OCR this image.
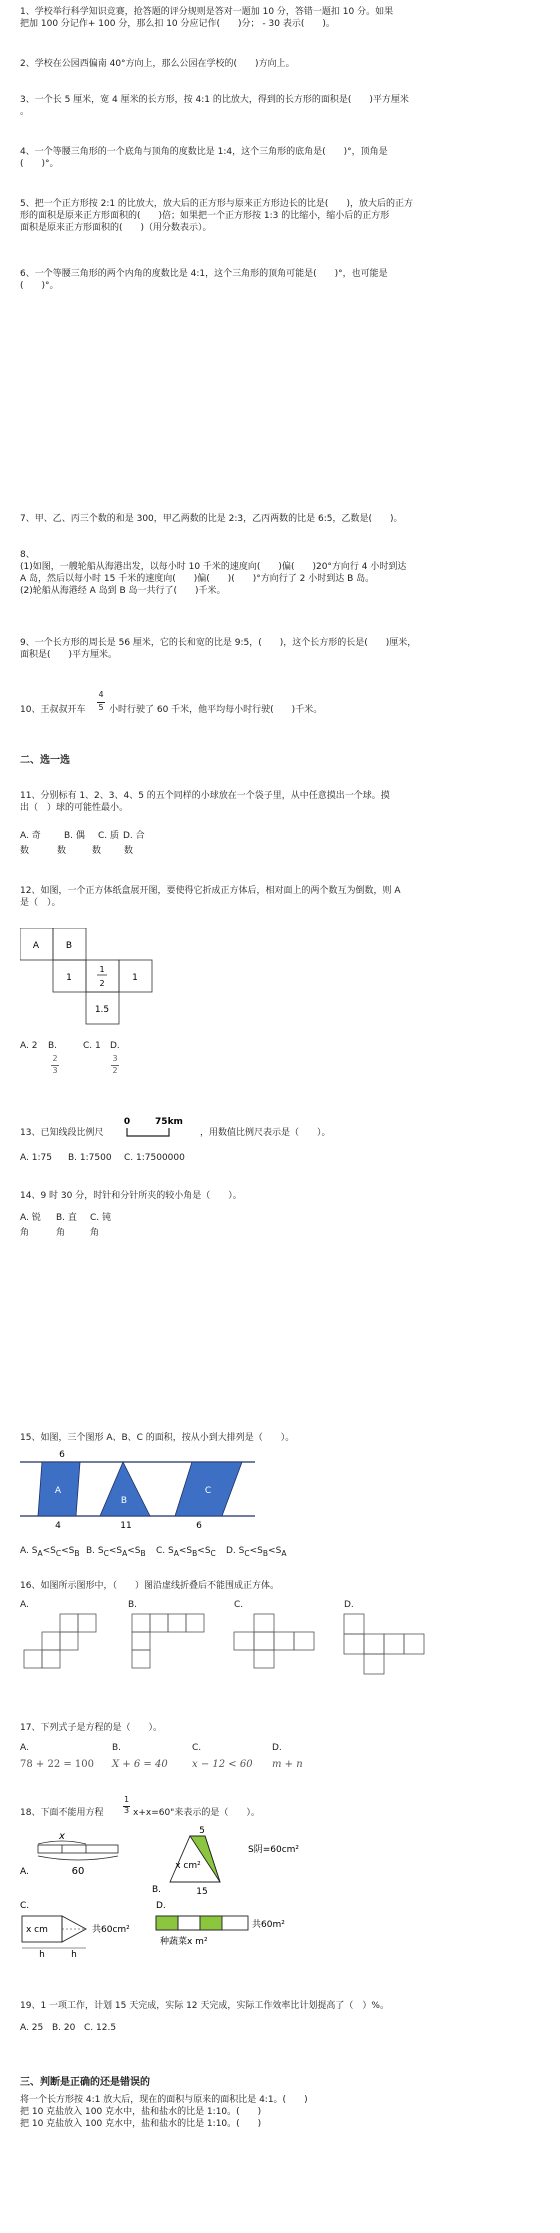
1、学校举行科学知识竞赛，抢答题的评分规则是答对一题加 10 分，答错一题扣 10 分。如果

把加 100 分记作+ 100 分，那么扣 10 分应记作(　　)分； - 30 表示(　　)。

2、学校在公园西偏南 40°方向上，那么公园在学校的(　　)方向上。

3、一个长 5 厘米，宽 4 厘米的长方形，按 4:1 的比放大，得到的长方形的面积是(　　)平方厘米

。

4、一个等腰三角形的一个底角与顶角的度数比是 1:4，这个三角形的底角是(　　)°，顶角是

(　　)°。

5、把一个正方形按 2:1 的比放大，放大后的正方形与原来正方形边长的比是(　　)，放大后的正方

形的面积是原来正方形面积的(　　)倍；如果把一个正方形按 1:3 的比缩小，缩小后的正方形

面积是原来正方形面积的(　　)（用分数表示）。

6、一个等腰三角形的两个内角的度数比是 4:1，这个三角形的顶角可能是(　　)°，也可能是

(　　)°。

7、甲、乙、丙三个数的和是 300，甲乙两数的比是 2:3，乙丙两数的比是 6:5，乙数是(　　)。

8、

(1)如图，一艘轮船从海港出发，以每小时 10 千米的速度向(　　)偏(　　)20°方向行 4 小时到达

A 岛，然后以每小时 15 千米的速度向(　　)偏(　　)(　　)°方向行了 2 小时到达 B 岛。

(2)轮船从海港经 A 岛到 B 岛一共行了(　　)千米。

9、一个长方形的周长是 56 厘米，它的长和宽的比是 9:5，(　　)，这个长方形的长是(　　)厘米，

面积是(　　)平方厘米。

10、王叔叔开车
4
5 小时行驶了 60 千米，他平均每小时行驶(　　)千米。
二、选一选

11、分别标有 1、2、3、4、5 的五个同样的小球放在一个袋子里，从中任意摸出一个球。摸

出（　）球的可能性最小。

A. 奇	B. 偶 C. 质 D. 合
数	数	数	数

12、如图，一个正方体纸盒展开图，要使得它折成正方体后，相对面上的两个数互为倒数，则 A

是（　）。

A	B
1
1
2
1
1.5
A. 2 B.	C. 1 D.
2
3
3
2
13、已知线段比例尺
0	75km
，用数值比例尺表示是（　　）。
A. 1:75 B. 1:7500 C. 1:7500000

14、9 时 30 分，时针和分针所夹的较小角是（　　）。

A. 锐 B. 直 C. 钝
角	角	角

15、如图，三个图形 A、B、C 的面积，按从小到大排列是（　　）。

6
4	11	6
A
B
C
A. $S_A<S_C<S_B$ B. $S_C<S_A<S_B$ C. $S_A<S_B<S_C$ D. $S_C<S_B<S_A$

16、如图所示图形中，（　　）图沿虚线折叠后不能围成正方体。

A.	B.	C.	D.

17、下列式子是方程的是（　　）。

A.	B.	C.	D.
78 + 22 = 100 X + 6 = 40 x − 12 < 60 m + n
18、下面不能用方程
1
3 x+x=60"来表示的是（　　）。
A.
x
60
B.
5
x cm²
S阴=60cm²
15
C.
x cm	共60cm²
h	h
D.
共60m²
种蔬菜x m²

19、1 一项工作，计划 15 天完成，实际 12 天完成，实际工作效率比计划提高了（　）%。

A. 25 B. 20 C. 12.5
三、判断是正确的还是错误的

将一个长方形按 4:1 放大后，现在的面积与原来的面积比是 4:1。(　　)

把 10 克盐放入 100 克水中，盐和盐水的比是 1:10。(　　)

把 10 克盐放入 100 克水中，盐和盐水的比是 1:10。(　　)
